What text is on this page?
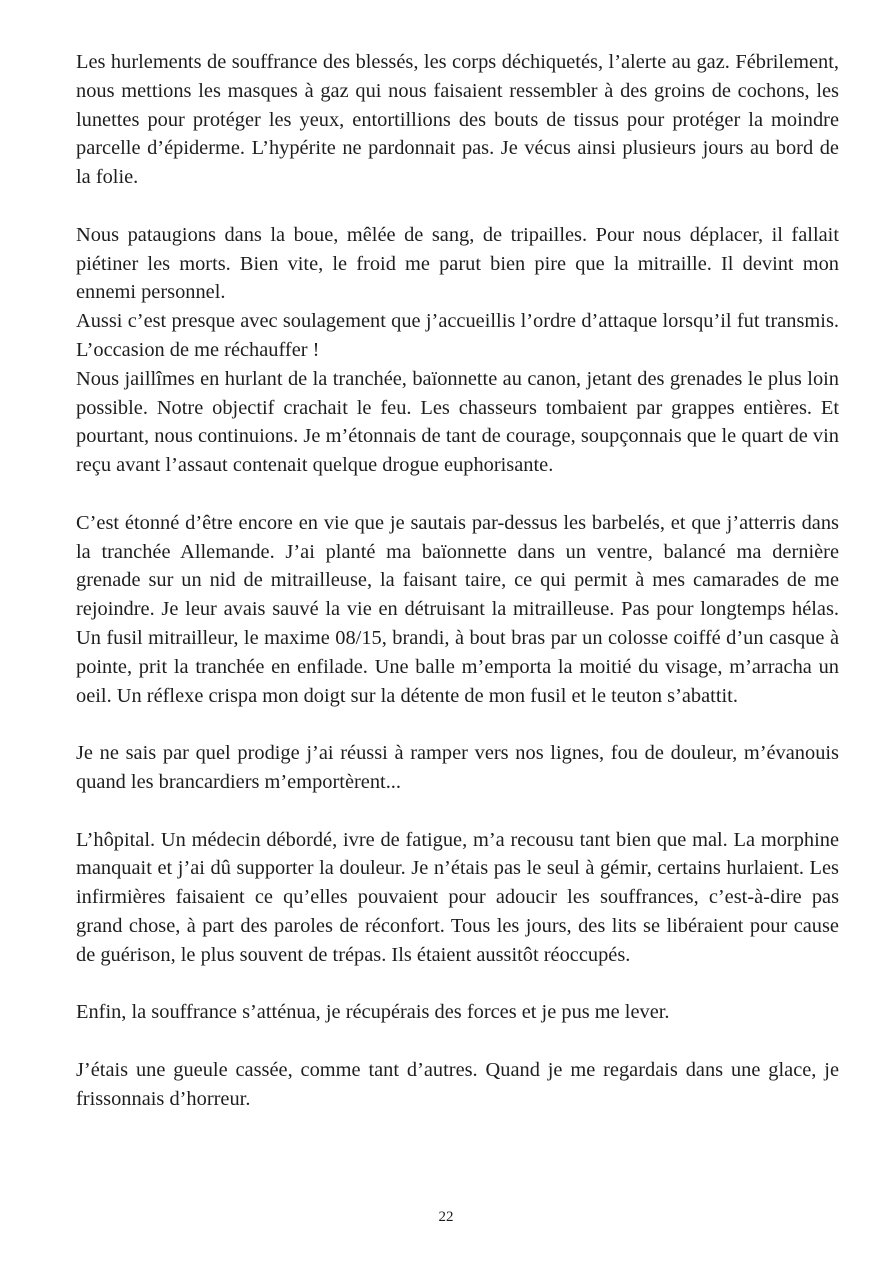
Les hurlements de souffrance des blessés, les corps déchiquetés, l’alerte au gaz. Fébrilement, nous mettions les masques à gaz qui nous faisaient ressembler à des groins de cochons, les lunettes pour protéger les yeux, entortillions des bouts de tissus pour protéger la moindre parcelle d’épiderme. L’hypérite ne pardonnait pas. Je vécus ainsi plusieurs jours au bord de la folie.

Nous pataugions dans la boue, mêlée de sang, de tripailles. Pour nous déplacer, il fallait piétiner les morts. Bien vite, le froid me parut bien pire que la mitraille. Il devint mon ennemi personnel.

Aussi c’est presque avec soulagement que j’accueillis l’ordre d’attaque lorsqu’il fut transmis. L’occasion de me réchauffer !

Nous jaillîmes en hurlant de la tranchée, baïonnette au canon, jetant des grenades le plus loin possible. Notre objectif crachait le feu. Les chasseurs tombaient par grappes entières. Et pourtant, nous continuions. Je m’étonnais de tant de courage, soupçonnais que le quart de vin reçu avant l’assaut contenait quelque drogue euphorisante.

C’est étonné d’être encore en vie que je sautais par-dessus les barbelés, et que j’atterris dans la tranchée Allemande. J’ai planté ma baïonnette dans un ventre, balancé ma dernière grenade sur un nid de mitrailleuse, la faisant taire, ce qui permit à mes camarades de me rejoindre. Je leur avais sauvé la vie en détruisant la mitrailleuse. Pas pour longtemps hélas. Un fusil mitrailleur, le maxime 08/15, brandi, à bout bras par un colosse coiffé d’un casque à pointe, prit la tranchée en enfilade. Une balle m’emporta la moitié du visage, m’arracha un oeil. Un réflexe crispa mon doigt sur la détente de mon fusil et le teuton s’abattit.

Je ne sais par quel prodige j’ai réussi à ramper vers nos lignes, fou de douleur, m’évanouis quand les brancardiers m’emportèrent...

L’hôpital. Un médecin débordé, ivre de fatigue, m’a recousu tant bien que mal. La morphine manquait et j’ai dû supporter la douleur. Je n’étais pas le seul à gémir, certains hurlaient. Les infirmières faisaient ce qu’elles pouvaient pour adoucir les souffrances, c’est-à-dire pas grand chose, à part des paroles de réconfort. Tous les jours, des lits se libéraient pour cause de guérison, le plus souvent de trépas. Ils étaient aussitôt réoccupés.

Enfin, la souffrance s’atténua, je récupérais des forces et je pus me lever.

J’étais une gueule cassée, comme tant d’autres. Quand je me regardais dans une glace, je frissonnais d’horreur.

22
